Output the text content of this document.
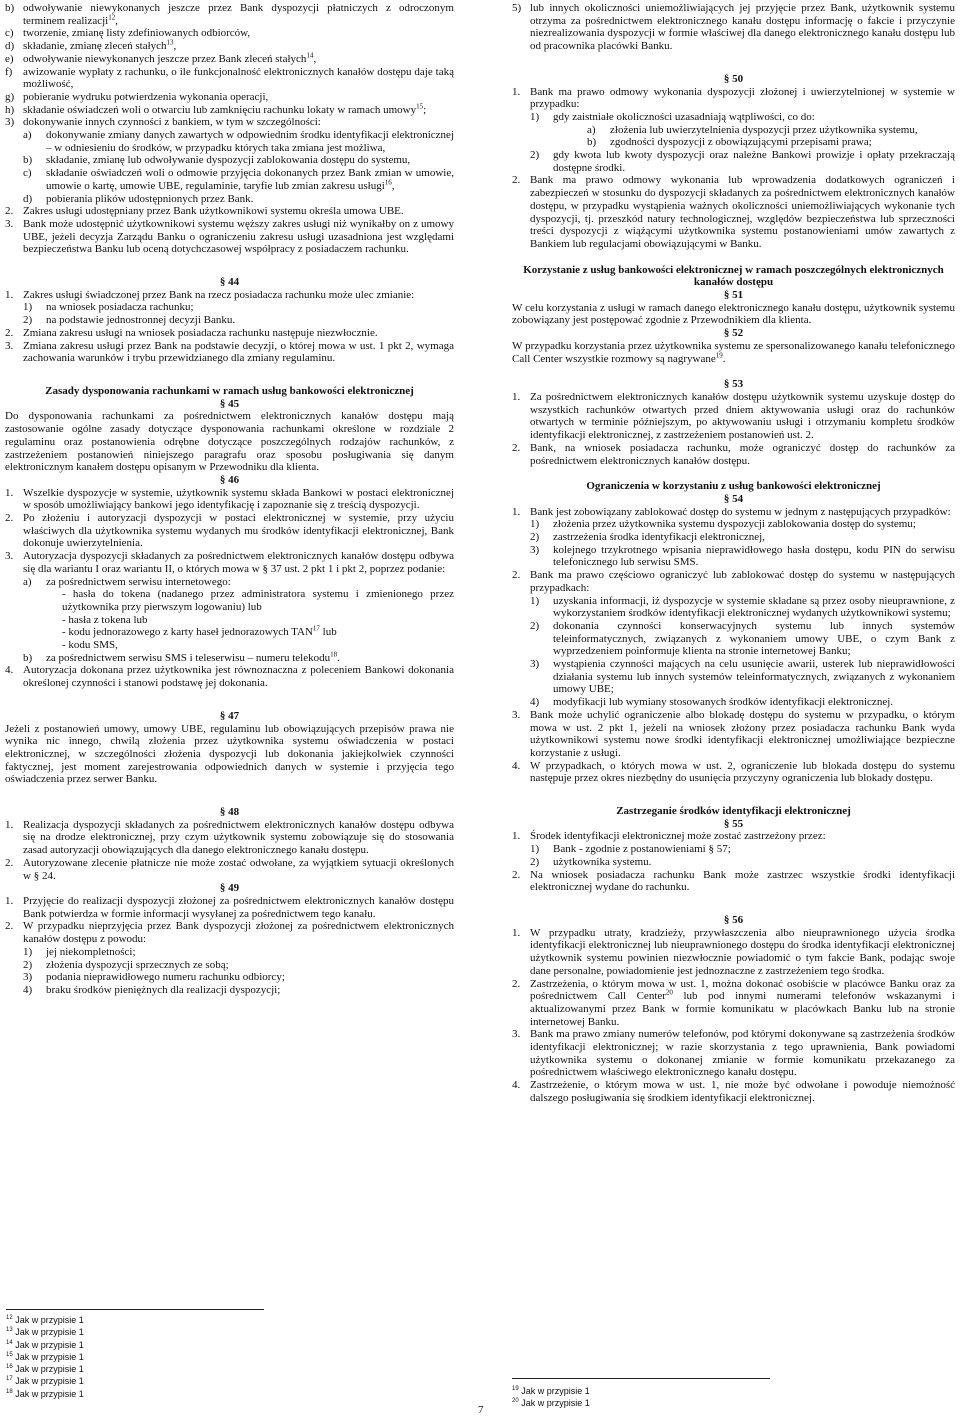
b) odwoływanie niewykonanych jeszcze przez Bank dyspozycji płatniczych z odroczonym terminem realizacji$^{12}$,
c) tworzenie, zmianę listy zdefiniowanych odbiorców,
d) składanie, zmianę zleceń stałych$^{13}$,
e) odwoływanie niewykonanych jeszcze przez Bank zleceń stałych$^{14}$,
f) awizowanie wypłaty z rachunku, o ile funkcjonalność elektronicznych kanałów dostępu daje taką możliwość,
g) pobieranie wydruku potwierdzenia wykonania operacji,
h) składanie oświadczeń woli o otwarciu lub zamknięciu rachunku lokaty w ramach umowy$^{15}$;
3) dokonywanie innych czynności z bankiem, w tym w szczególności:
a)	dokonywanie zmiany danych zawartych w odpowiednim środku identyfikacji elektronicznej – w odniesieniu do środków, w przypadku których taka zmiana jest możliwa,
b)	składanie, zmianę lub odwoływanie dyspozycji zablokowania dostępu do systemu,
c)	składanie oświadczeń woli o odmowie przyjęcia dokonanych przez Bank zmian w umowie, umowie o kartę, umowie UBE, regulaminie, taryfie lub zmian zakresu usługi$^{16}$,
d)	pobierania plików udostępnionych przez Bank.
2. Zakres usługi udostępniany przez Bank użytkownikowi systemu określa umowa UBE.
3. Bank może udostępnić użytkownikowi systemu węższy zakres usługi niż wynikałby on z umowy UBE, jeżeli decyzja Zarządu Banku o ograniczeniu zakresu usługi uzasadniona jest względami bezpieczeństwa Banku lub oceną dotychczasowej współpracy z posiadaczem rachunku.

§ 44

1. Zakres usługi świadczonej przez Bank na rzecz posiadacza rachunku może ulec zmianie:
1)	na wniosek posiadacza rachunku;
2)	na podstawie jednostronnej decyzji Banku.
2. Zmiana zakresu usługi na wniosek posiadacza rachunku następuje niezwłocznie.
3. Zmiana zakresu usługi przez Bank na podstawie decyzji, o której mowa w ust. 1 pkt 2, wymaga zachowania warunków i trybu przewidzianego dla zmiany regulaminu.

Zasady dysponowania rachunkami w ramach usług bankowości elektronicznej

§ 45

Do dysponowania rachunkami za pośrednictwem elektronicznych kanałów dostępu mają zastosowanie ogólne zasady dotyczące dysponowania rachunkami określone w rozdziale 2 regulaminu oraz postanowienia odrębne dotyczące poszczególnych rodzajów rachunków, z zastrzeżeniem postanowień niniejszego paragrafu oraz sposobu posługiwania się danym elektronicznym kanałem dostępu opisanym w Przewodniku dla klienta.

§ 46

1. Wszelkie dyspozycje w systemie, użytkownik systemu składa Bankowi w postaci elektronicznej w sposób umożliwiający bankowi jego identyfikację i zapoznanie się z treścią dyspozycji.
2. Po złożeniu i autoryzacji dyspozycji w postaci elektronicznej w systemie, przy użyciu właściwych dla użytkownika systemu wydanych mu środków identyfikacji elektronicznej, Bank dokonuje uwierzytelnienia.
3. Autoryzacja dyspozycji składanych za pośrednictwem elektronicznych kanałów dostępu odbywa się dla wariantu I oraz wariantu II, o których mowa w § 37 ust. 2 pkt 1 i pkt 2, poprzez podanie:
a)	za pośrednictwem serwisu internetowego:
- hasła do tokena (nadanego przez administratora systemu i zmienionego przez użytkownika przy pierwszym logowaniu) lub
- hasła z tokena lub
- kodu jednorazowego z karty haseł jednorazowych TAN$^{17}$ lub
- kodu SMS,
b)	za pośrednictwem serwisu SMS i teleserwisu – numeru telekodu$^{18}$.
4. Autoryzacja dokonana przez użytkownika jest równoznaczna z poleceniem Bankowi dokonania określonej czynności i stanowi podstawę jej dokonania.

§ 47

Jeżeli z postanowień umowy, umowy UBE, regulaminu lub obowiązujących przepisów prawa nie wynika nic innego, chwilą złożenia przez użytkownika systemu oświadczenia w postaci elektronicznej, w szczególności złożenia dyspozycji lub dokonania jakiejkolwiek czynności faktycznej, jest moment zarejestrowania odpowiednich danych w systemie i przyjęcia tego oświadczenia przez serwer Banku.

§ 48

1. Realizacja dyspozycji składanych za pośrednictwem elektronicznych kanałów dostępu odbywa się na drodze elektronicznej, przy czym użytkownik systemu zobowiązuje się do stosowania zasad autoryzacji obowiązujących dla danego elektronicznego kanału dostępu.
2. Autoryzowane zlecenie płatnicze nie może zostać odwołane, za wyjątkiem sytuacji określonych w § 24.

§ 49

1. Przyjęcie do realizacji dyspozycji złożonej za pośrednictwem elektronicznych kanałów dostępu Bank potwierdza w formie informacji wysyłanej za pośrednictwem tego kanału.
2. W przypadku nieprzyjęcia przez Bank dyspozycji złożonej za pośrednictwem elektronicznych kanałów dostępu z powodu:
1)	jej niekompletności;
2)	złożenia dyspozycji sprzecznych ze sobą;
3)	podania nieprawidłowego numeru rachunku odbiorcy;
4)	braku środków pieniężnych dla realizacji dyspozycji;
5) lub innych okoliczności uniemożliwiających jej przyjęcie przez Bank, użytkownik systemu otrzyma za pośrednictwem elektronicznego kanału dostępu informację o fakcie i przyczynie niezrealizowania dyspozycji w formie właściwej dla danego elektronicznego kanału dostępu lub od pracownika placówki Banku.

§ 50

1. Bank ma prawo odmowy wykonania dyspozycji złożonej i uwierzytelnionej w systemie w przypadku:
1)	gdy zaistniałe okoliczności uzasadniają wątpliwości, co do:
a)	złożenia lub uwierzytelnienia dyspozycji przez użytkownika systemu,
b)	zgodności dyspozycji z obowiązującymi przepisami prawa;
2)	gdy kwota lub kwoty dyspozycji oraz należne Bankowi prowizje i opłaty przekraczają dostępne środki.
2. Bank ma prawo odmowy wykonania lub wprowadzenia dodatkowych ograniczeń i zabezpieczeń w stosunku do dyspozycji składanych za pośrednictwem elektronicznych kanałów dostępu, w przypadku wystąpienia ważnych okoliczności uniemożliwiających wykonanie tych dyspozycji, tj. przeszkód natury technologicznej, względów bezpieczeństwa lub sprzeczności treści dyspozycji z wiążącymi użytkownika systemu postanowieniami umów zawartych z Bankiem lub regulacjami obowiązującymi w Banku.

Korzystanie z usług bankowości elektronicznej w ramach poszczególnych elektronicznych kanałów dostępu

§ 51

W celu korzystania z usługi w ramach danego elektronicznego kanału dostępu, użytkownik systemu zobowiązany jest postępować zgodnie z Przewodnikiem dla klienta.

§ 52

W przypadku korzystania przez użytkownika systemu ze spersonalizowanego kanału telefonicznego Call Center wszystkie rozmowy są nagrywane$^{19}$.

§ 53

1. Za pośrednictwem elektronicznych kanałów dostępu użytkownik systemu uzyskuje dostęp do wszystkich rachunków otwartych przed dniem aktywowania usługi oraz do rachunków otwartych w terminie późniejszym, po aktywowaniu usługi i otrzymaniu kompletu środków identyfikacji elektronicznej, z zastrzeżeniem postanowień ust. 2.
2. Bank, na wniosek posiadacza rachunku, może ograniczyć dostęp do rachunków za pośrednictwem elektronicznych kanałów dostępu.

Ograniczenia w korzystaniu z usług bankowości elektronicznej

§ 54

1. Bank jest zobowiązany zablokować dostęp do systemu w jednym z następujących przypadków:
1)	złożenia przez użytkownika systemu dyspozycji zablokowania dostęp do systemu;
2)	zastrzeżenia środka identyfikacji elektronicznej,
3)	kolejnego trzykrotnego wpisania nieprawidłowego hasła dostępu, kodu PIN do serwisu telefonicznego lub serwisu SMS.
2. Bank ma prawo częściowo ograniczyć lub zablokować dostęp do systemu w następujących przypadkach:
1)	uzyskania informacji, iż dyspozycje w systemie składane są przez osoby nieuprawnione, z wykorzystaniem środków identyfikacji elektronicznej wydanych użytkownikowi systemu;
2)	dokonania czynności konserwacyjnych systemu lub innych systemów teleinformatycznych, związanych z wykonaniem umowy UBE, o czym Bank z wyprzedzeniem poinformuje klienta na stronie internetowej Banku;
3)	wystąpienia czynności mających na celu usunięcie awarii, usterek lub nieprawidłowości działania systemu lub innych systemów teleinformatycznych, związanych z wykonaniem umowy UBE;
4)	modyfikacji lub wymiany stosowanych środków identyfikacji elektronicznej.
3. Bank może uchylić ograniczenie albo blokadę dostępu do systemu w przypadku, o którym mowa w ust. 2 pkt 1, jeżeli na wniosek złożony przez posiadacza rachunku Bank wyda użytkownikowi systemu nowe środki identyfikacji elektronicznej umożliwiające bezpieczne korzystanie z usługi.
4. W przypadkach, o których mowa w ust. 2, ograniczenie lub blokada dostępu do systemu następuje przez okres niezbędny do usunięcia przyczyny ograniczenia lub blokady dostępu.

Zastrzeganie środków identyfikacji elektronicznej

§ 55

1. Środek identyfikacji elektronicznej może zostać zastrzeżony przez:
1)	Bank - zgodnie z postanowieniami § 57;
2)	użytkownika systemu.
2. Na wniosek posiadacza rachunku Bank może zastrzec wszystkie środki identyfikacji elektronicznej wydane do rachunku.

§ 56

1. W przypadku utraty, kradzieży, przywłaszczenia albo nieuprawnionego użycia środka identyfikacji elektronicznej lub nieuprawnionego dostępu do środka identyfikacji elektronicznej użytkownik systemu powinien niezwłocznie powiadomić o tym fakcie Bank, podając swoje dane personalne, powiadomienie jest jednoznaczne z zastrzeżeniem tego środka.
2. Zastrzeżenia, o którym mowa w ust. 1, można dokonać osobiście w placówce Banku oraz za pośrednictwem Call Center$^{20}$ lub pod innymi numerami telefonów wskazanymi i aktualizowanymi przez Bank w formie komunikatu w placówkach Banku lub na stronie internetowej Banku.
3. Bank ma prawo zmiany numerów telefonów, pod którymi dokonywane są zastrzeżenia środków identyfikacji elektronicznej; w razie skorzystania z tego uprawnienia, Bank powiadomi użytkownika systemu o dokonanej zmianie w formie komunikatu przekazanego za pośrednictwem właściwego elektronicznego kanału dostępu.
4. Zastrzeżenie, o którym mowa w ust. 1, nie może być odwołane i powoduje niemożność dalszego posługiwania się środkiem identyfikacji elektronicznej.
$^{12}$ Jak w przypisie 1
$^{13}$ Jak w przypisie 1
$^{14}$ Jak w przypisie 1
$^{15}$ Jak w przypisie 1
$^{16}$ Jak w przypisie 1
$^{17}$ Jak w przypisie 1
$^{18}$ Jak w przypisie 1	$^{19}$ Jak w przypisie 1
$^{20}$ Jak w przypisie 1
7
